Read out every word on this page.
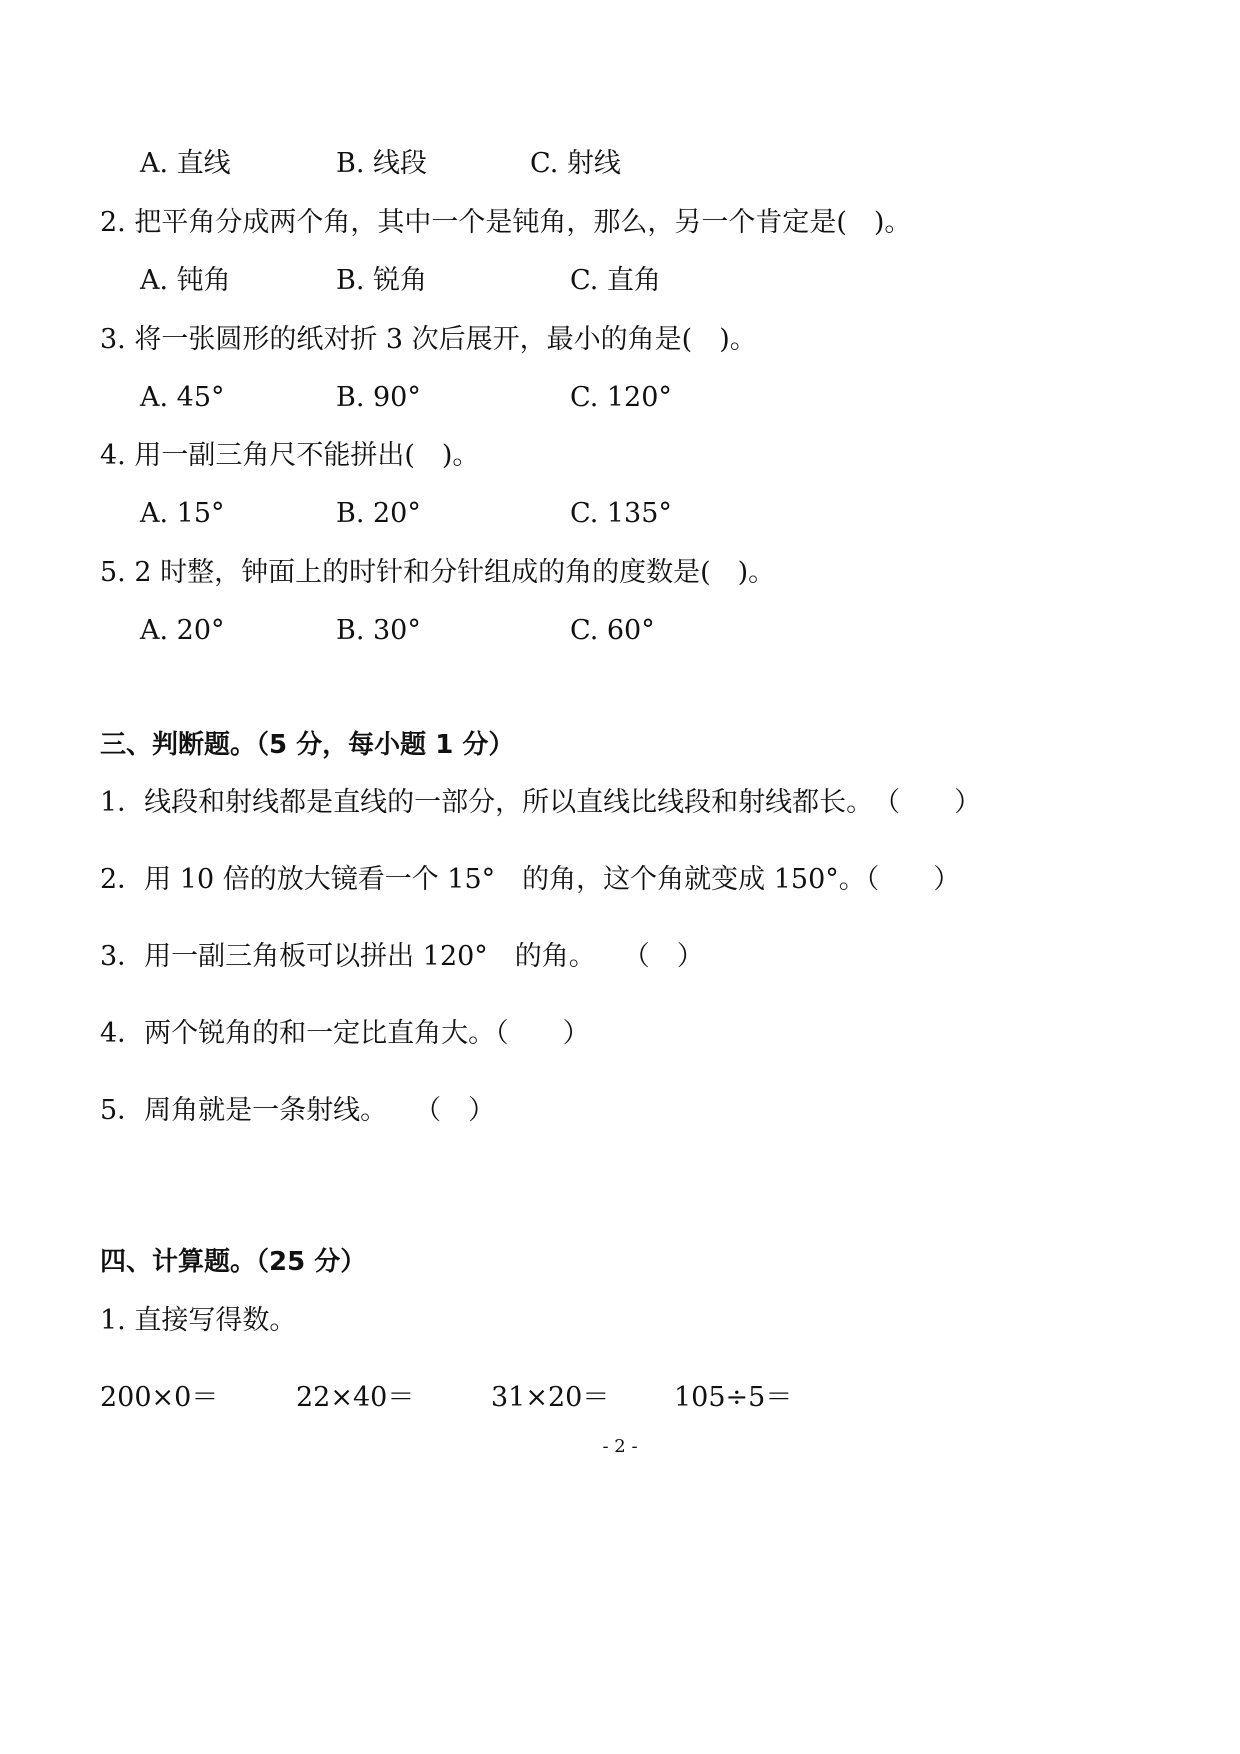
A. 直线	B. 线段	C. 射线
2. 把平角分成两个角，其中一个是钝角，那么，另一个肯定是(　)。
A. 钝角	B. 锐角	C. 直角
3. 将一张圆形的纸对折 3 次后展开，最小的角是(　)。
A. 45°	B. 90°	C. 120°
4. 用一副三角尺不能拼出(　)。
A. 15°	B. 20°	C. 135°
5. 2 时整，钟面上的时针和分针组成的角的度数是(　)。
A. 20°	B. 30°	C. 60°
三、判断题。（5 分，每小题 1 分）
1．线段和射线都是直线的一部分，所以直线比线段和射线都长。　（　　）
2．用 10 倍的放大镜看一个 15°　的角，这个角就变成 150°。（　　）
3．用一副三角板可以拼出 120°　的角。　　（　）
4．两个锐角的和一定比直角大。（　　）
5．周角就是一条射线。　　（　）
四、计算题。（25 分）
1. 直接写得数。
200×0＝	22×40＝	31×20＝ 105÷5＝
- 2 -
